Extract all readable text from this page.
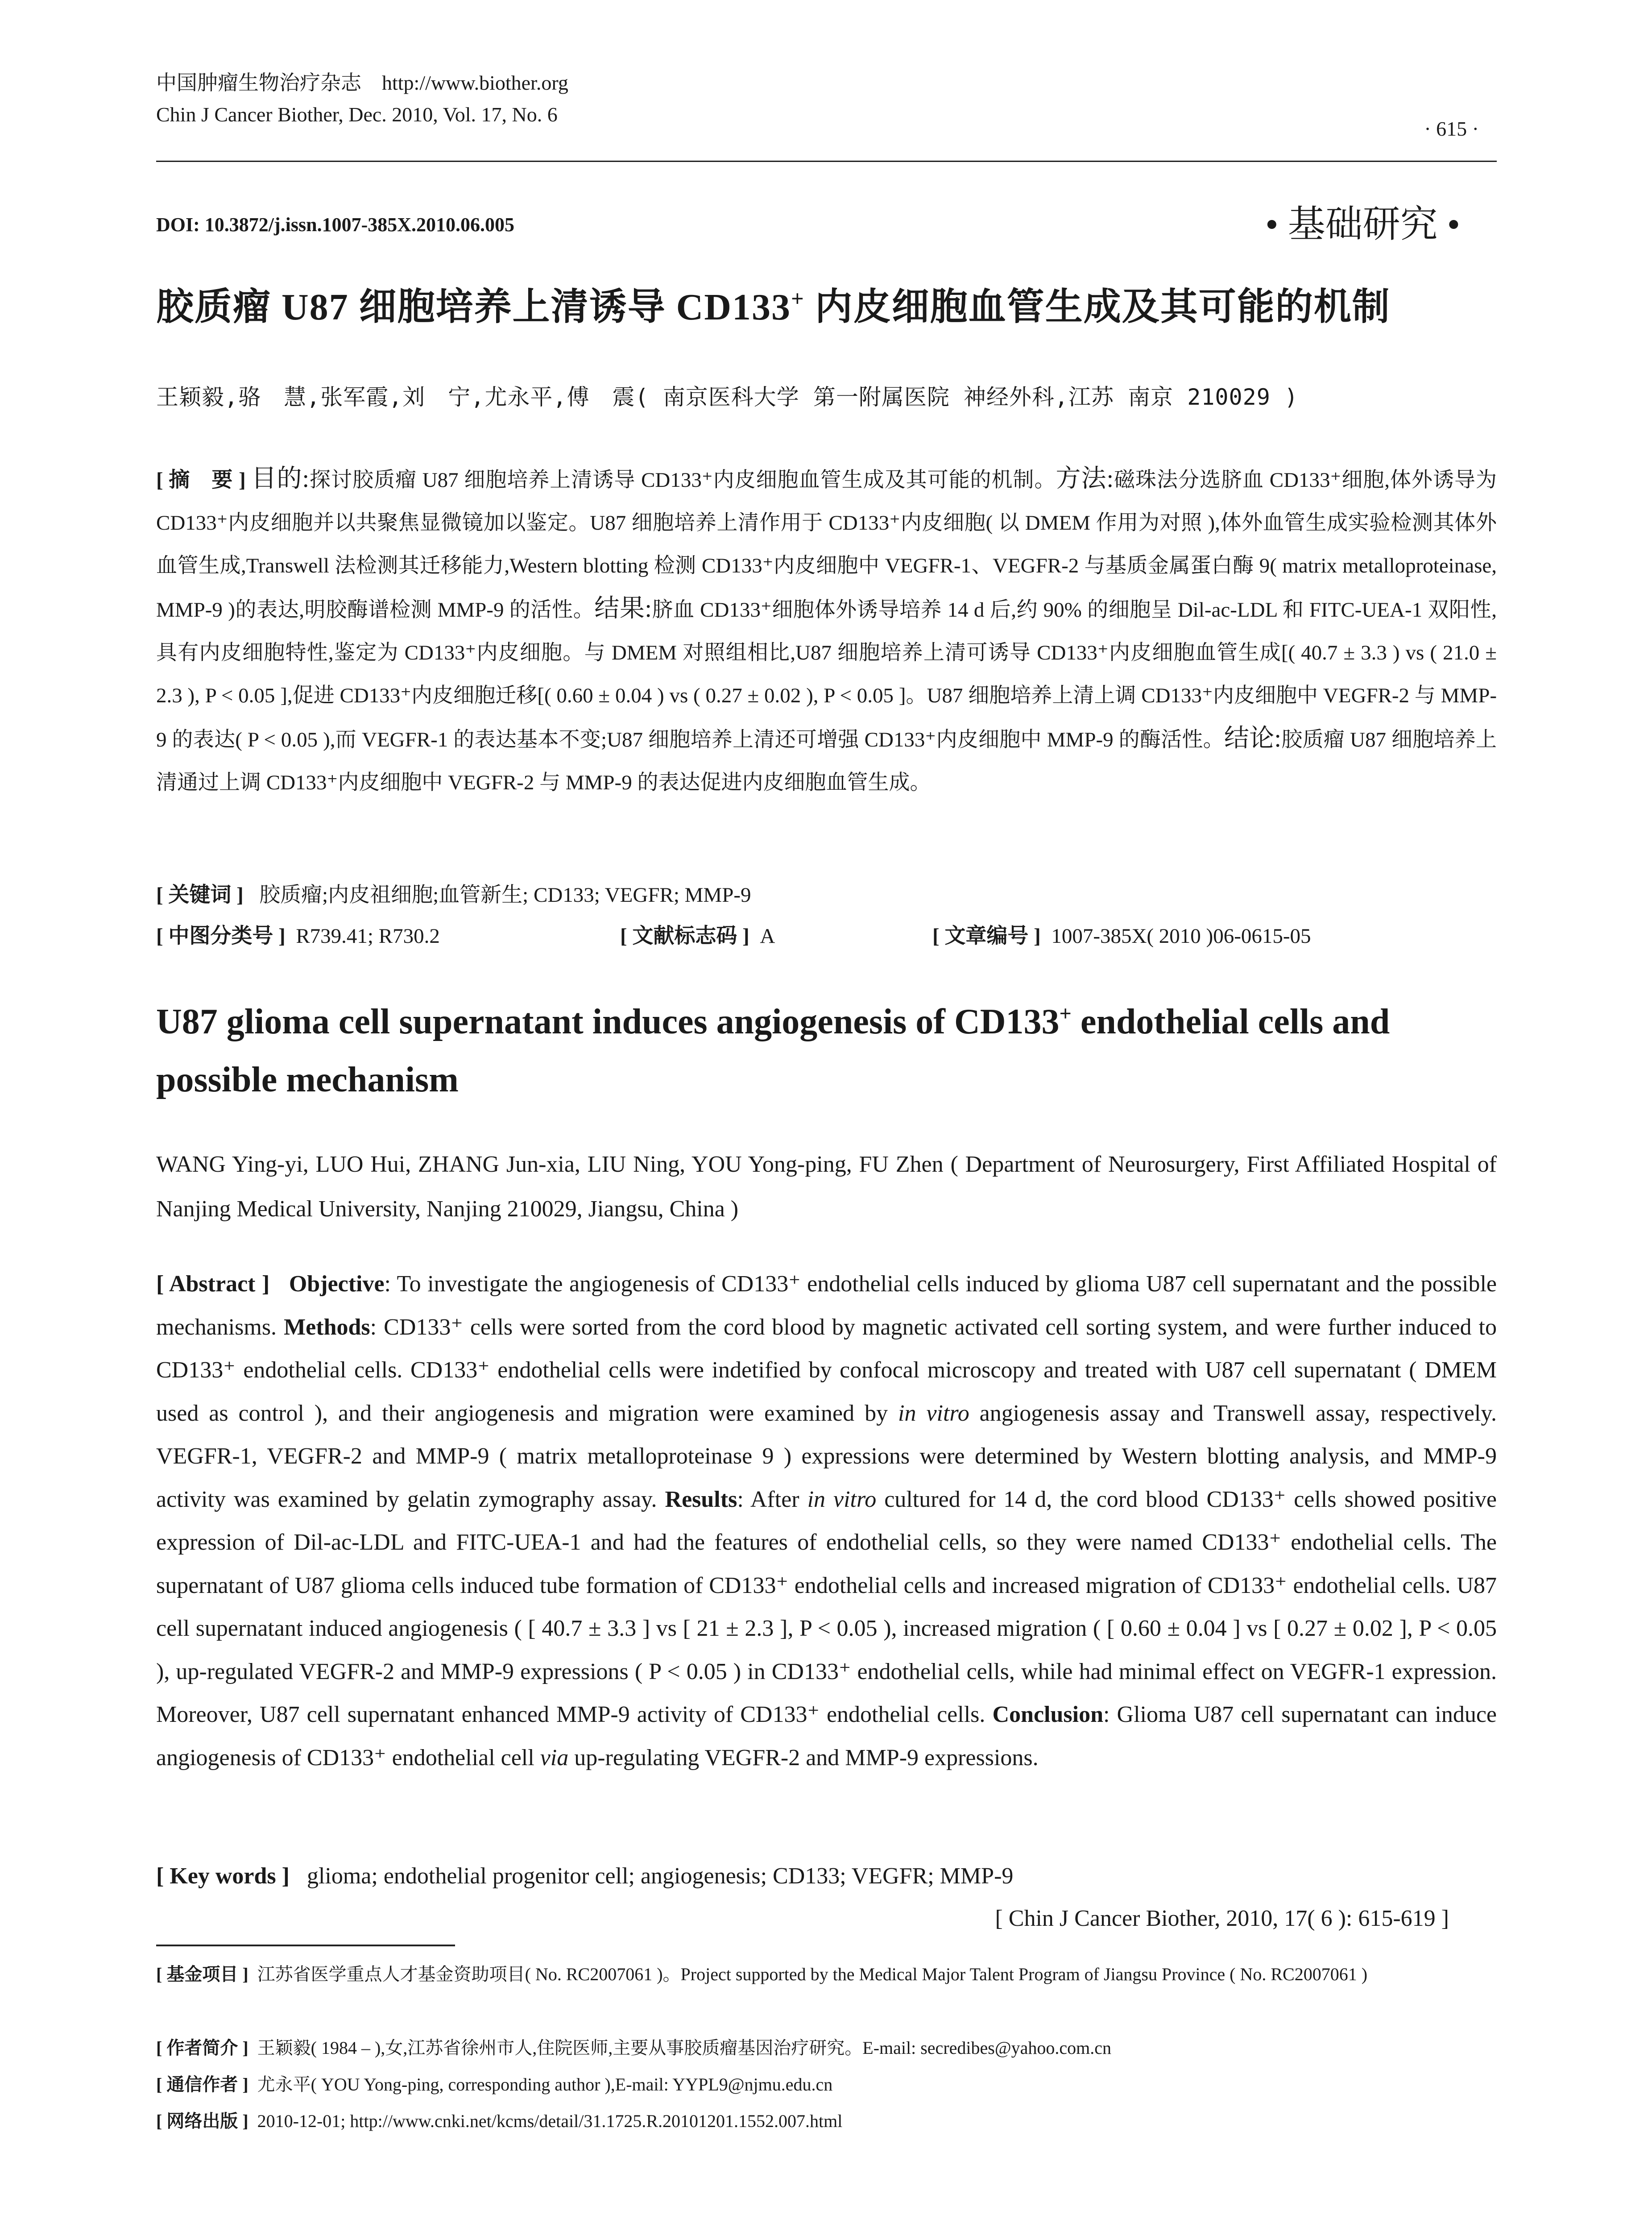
中国肿瘤生物治疗杂志 http://www.biother.org
Chin J Cancer Biother, Dec. 2010, Vol. 17, No. 6
· 615 ·
DOI: 10.3872/j.issn.1007-385X.2010.06.005	• 基础研究 •
胶质瘤 U87 细胞培养上清诱导 CD133+ 内皮细胞血管生成及其可能的机制
王颖毅,骆　慧,张军霞,刘　宁,尤永平,傅　震( 南京医科大学 第一附属医院 神经外科,江苏 南京 210029 )
[ 摘　要 ] 目的:探讨胶质瘤 U87 细胞培养上清诱导 CD133⁺内皮细胞血管生成及其可能的机制。方法:磁珠法分选脐血 CD133⁺细胞,体外诱导为 CD133⁺内皮细胞并以共聚焦显微镜加以鉴定。U87 细胞培养上清作用于 CD133⁺内皮细胞( 以 DMEM 作用为对照 ),体外血管生成实验检测其体外血管生成,Transwell 法检测其迁移能力,Western blotting 检测 CD133⁺内皮细胞中 VEGFR-1、VEGFR-2 与基质金属蛋白酶 9( matrix metalloproteinase, MMP-9 )的表达,明胶酶谱检测 MMP-9 的活性。结果:脐血 CD133⁺细胞体外诱导培养 14 d 后,约 90% 的细胞呈 Dil-ac-LDL 和 FITC-UEA-1 双阳性,具有内皮细胞特性,鉴定为 CD133⁺内皮细胞。与 DMEM 对照组相比,U87 细胞培养上清可诱导 CD133⁺内皮细胞血管生成[( 40.7 ± 3.3 ) vs ( 21.0 ± 2.3 ), P < 0.05 ],促进 CD133⁺内皮细胞迁移[( 0.60 ± 0.04 ) vs ( 0.27 ± 0.02 ), P < 0.05 ]。U87 细胞培养上清上调 CD133⁺内皮细胞中 VEGFR-2 与 MMP-9 的表达( P < 0.05 ),而 VEGFR-1 的表达基本不变;U87 细胞培养上清还可增强 CD133⁺内皮细胞中 MMP-9 的酶活性。结论:胶质瘤 U87 细胞培养上清通过上调 CD133⁺内皮细胞中 VEGFR-2 与 MMP-9 的表达促进内皮细胞血管生成。
[ 关键词 ] 胶质瘤;内皮祖细胞;血管新生; CD133; VEGFR; MMP-9
[ 中图分类号 ] R739.41; R730.2	[ 文献标志码 ] A	[ 文章编号 ] 1007-385X( 2010 )06-0615-05
U87 glioma cell supernatant induces angiogenesis of CD133+ endothelial cells and possible mechanism
WANG Ying-yi, LUO Hui, ZHANG Jun-xia, LIU Ning, YOU Yong-ping, FU Zhen ( Department of Neurosurgery, First Affiliated Hospital of Nanjing Medical University, Nanjing 210029, Jiangsu, China )
[ Abstract ] Objective: To investigate the angiogenesis of CD133⁺ endothelial cells induced by glioma U87 cell supernatant and the possible mechanisms. Methods: CD133⁺ cells were sorted from the cord blood by magnetic activated cell sorting system, and were further induced to CD133⁺ endothelial cells. CD133⁺ endothelial cells were indetified by confocal microscopy and treated with U87 cell supernatant ( DMEM used as control ), and their angiogenesis and migration were examined by in vitro angiogenesis assay and Transwell assay, respectively. VEGFR-1, VEGFR-2 and MMP-9 ( matrix metalloproteinase 9 ) expressions were determined by Western blotting analysis, and MMP-9 activity was examined by gelatin zymography assay. Results: After in vitro cultured for 14 d, the cord blood CD133⁺ cells showed positive expression of Dil-ac-LDL and FITC-UEA-1 and had the features of endothelial cells, so they were named CD133⁺ endothelial cells. The supernatant of U87 glioma cells induced tube formation of CD133⁺ endothelial cells and increased migration of CD133⁺ endothelial cells. U87 cell supernatant induced angiogenesis ( [ 40.7 ± 3.3 ] vs [ 21 ± 2.3 ], P < 0.05 ), increased migration ( [ 0.60 ± 0.04 ] vs [ 0.27 ± 0.02 ], P < 0.05 ), up-regulated VEGFR-2 and MMP-9 expressions ( P < 0.05 ) in CD133⁺ endothelial cells, while had minimal effect on VEGFR-1 expression. Moreover, U87 cell supernatant enhanced MMP-9 activity of CD133⁺ endothelial cells. Conclusion: Glioma U87 cell supernatant can induce angiogenesis of CD133⁺ endothelial cell via up-regulating VEGFR-2 and MMP-9 expressions.
[ Key words ] glioma; endothelial progenitor cell; angiogenesis; CD133; VEGFR; MMP-9
[ Chin J Cancer Biother, 2010, 17( 6 ): 615-619 ]
[ 基金项目 ] 江苏省医学重点人才基金资助项目( No. RC2007061 )。Project supported by the Medical Major Talent Program of Jiangsu Province ( No. RC2007061 )
[ 作者简介 ] 王颖毅( 1984 – ),女,江苏省徐州市人,住院医师,主要从事胶质瘤基因治疗研究。E-mail: secredibes@yahoo.com.cn
[ 通信作者 ] 尤永平( YOU Yong-ping, corresponding author ),E-mail: YYPL9@njmu.edu.cn
[ 网络出版 ] 2010-12-01; http://www.cnki.net/kcms/detail/31.1725.R.20101201.1552.007.html
